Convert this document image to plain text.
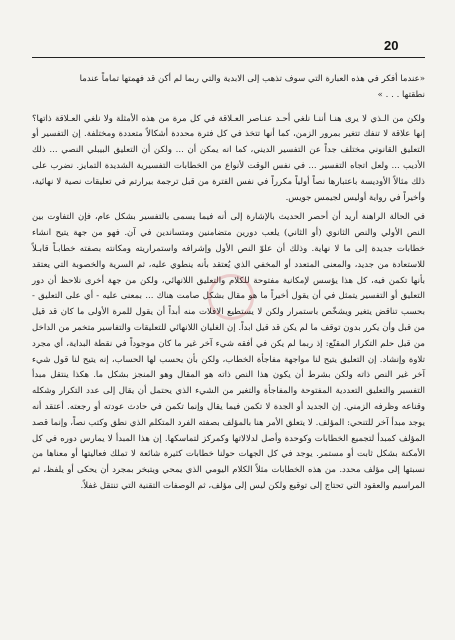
20

«عندما أفكر في هذه العبارة التي سوف تذهب إلى الابدية والتي ربما لم أكن قد فهمتها تماماً عندما

نطقتها . . . »

ولكن من الـذي لا يرى هنـا أننـا نلغي أحـد عنـاصر العـلاقة في كل مرة من هذه الأمثلة ولا نلغي العـلاقة ذاتها؟ إنها علاقة لا تنفك تتغير بمرور الزمن، كما أنها تتخذ في كل فترة محددة أشكالاً متعددة ومختلفة. إن التفسير أو التعليق القانوني مختلف جداً عن التفسير الديني، كما انه يمكن أن ... ولكن أن التعليق البيبلي النصي ... ذلك الأديب ... ولعل اتجاه التفسير ... في نفس الوقت لأنواع من الخطابات التفسيرية الشديدة التمايز. نضرب على ذلك مثالاً الأوديسة باعتبارها نصاً أولياً مكرراً في نفس الفترة من قبل ترجمة بيرارتم في تعليقات نصية لا نهائية، وأخيراً في رواية أوليس لجيمس جويس.

في الحالة الراهنة أريد أن أحصر الحديث بالإشارة إلى أنه فيما يسمى بالتفسير بشكل عام، فإن التفاوت بين النص الأولي والنص الثانوي (أو الثاني) يلعب دورين متضامنين ومتساندين في آن. فهو من جهة يتيح انشاء خطابات جديدة إلى ما لا نهاية. وذلك أن علوّ النص الأول وإشرافه واستمراريته ومكانته بصفته خطابـاً قابـلاً للاستعادة من جديد، والمعنى المتعدد أو المخفي الذي يُعتقد بأنه ينطوي عليه، ثم السرية والخصوبة التي يعتقد بأنها تكمن فيه، كل هذا يؤسس لإمكانية مفتوحة للكلام والتعليق اللانهائي، ولكن من جهة أخرى نلاحظ أن دور التعليق أو التفسير يتمثل في أن يقول أخيراً ما هو مقال بشكل صامت هناك ... بمعنى عليه - أي على التعليق - بحسب تناقض يتغير ويشخّص باستمرار ولكن لا يستطيع الافلات منه أبداً أن يقول للمرة الأولى ما كان قد قيل من قبل وأن يكرر بدون توقف ما لم يكن قد قيل ابداً. إن الغليان اللانهائي للتعليقات والتفاسير متخمر من الداخل من قبل حلم التكرار المقنّع: إذ ربما لم يكن في أفقه شيء آخر غير ما كان موجوداً في نقطة البداية، أي مجرد تلاوة وإنشاد. إن التعليق يتيح لنا مواجهة مفاجأة الخطاب، ولكن بأن يحسب لها الحساب، إنه يتيح لنا قول شيء آخر غير النص ذاته ولكن بشرط أن يكون هذا النص ذاته هو المقال وهو المنجز بشكل ما. هكذا ينتقل مبدأ التفسير والتعليق التعددية المفتوحة والمفاجأة والتغير من الشيء الذي يحتمل أن يقال إلى عدد التكرار وشكله وقناعه وظرفه الزمني. إن الجديد أو الجدة لا تكمن فيما يقال وإنما تكمن في حادث عودته أو رجعته. أعتقد أنه يوجد مبدأ آخر للتنحي: المؤلف. لا يتعلق الأمر هنا بالمؤلف بصفته الفرد المتكلم الذي نطق وكتب نصاً، وإنما قصد المؤلف كمبدأ لتجميع الخطابات وكوحدة وأصل لدلالاتها وكمركز لتماسكها. إن هذا المبدأ لا يمارس دوره في كل الأمكنة بشكل ثابت أو مستمر. يوجد في كل الجهات حولنا خطابات كثيرة شائعة لا تملك فعاليتها أو معناها من نسبتها إلى مؤلف محدد. من هذه الخطابات مثلاً الكلام اليومي الذي يمحي ويتبخر بمجرد أن يحكى أو يلفظ، ثم المراسيم والعقود التي تحتاج إلى توقيع ولكن ليس إلى مؤلف، ثم الوصفات التقنية التي تنتقل غفلاً.
